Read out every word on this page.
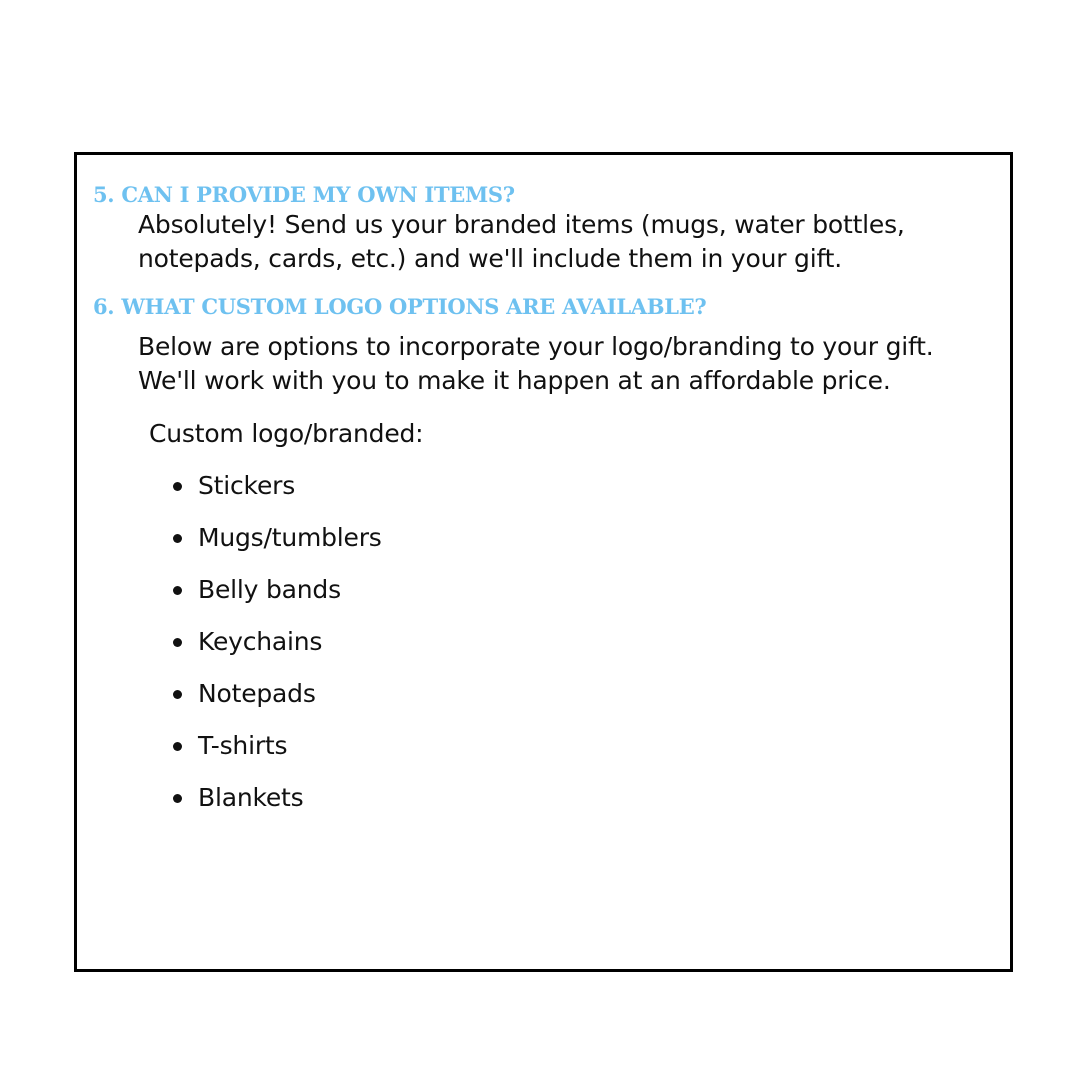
5. CAN I PROVIDE MY OWN ITEMS?

Absolutely! Send us your branded items (mugs, water bottles,

notepads, cards, etc.) and we'll include them in your gift.

6. WHAT CUSTOM LOGO OPTIONS ARE AVAILABLE?

Below are options to incorporate your logo/branding to your gift.

We'll work with you to make it happen at an affordable price.

Custom logo/branded:

Stickers
Mugs/tumblers
Belly bands
Keychains
Notepads
T-shirts
Blankets
